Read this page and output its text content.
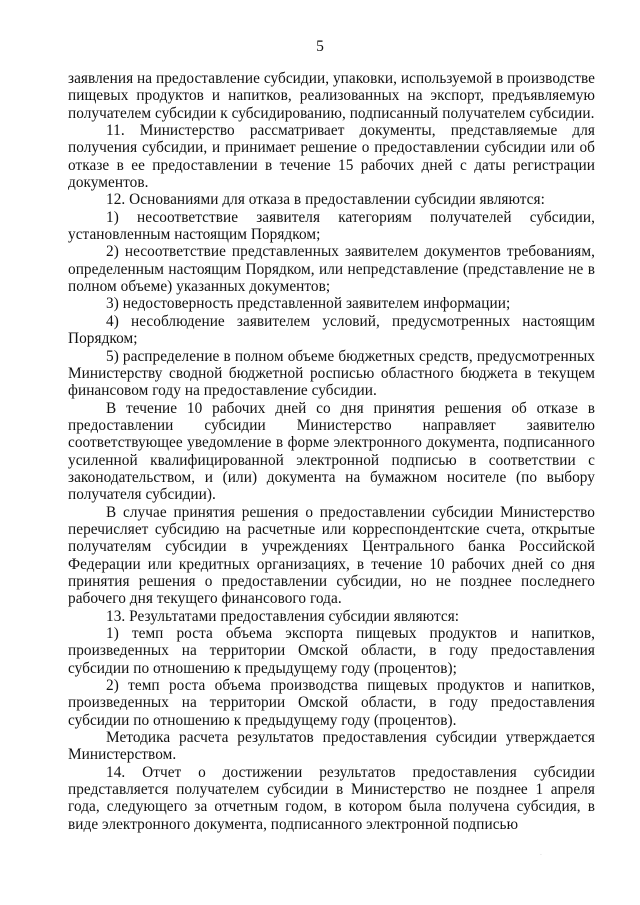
5

заявления на предоставление субсидии, упаковки, используемой в производстве пищевых продуктов и напитков, реализованных на экспорт, предъявляемую получателем субсидии к субсидированию, подписанный получателем субсидии.

11. Министерство рассматривает документы, представляемые для получения субсидии, и принимает решение о предоставлении субсидии или об отказе в ее предоставлении в течение 15 рабочих дней с даты регистрации документов.

12. Основаниями для отказа в предоставлении субсидии являются:

1) несоответствие заявителя категориям получателей субсидии, установленным настоящим Порядком;

2) несоответствие представленных заявителем документов требованиям, определенным настоящим Порядком, или непредставление (представление не в полном объеме) указанных документов;

3) недостоверность представленной заявителем информации;

4) несоблюдение заявителем условий, предусмотренных настоящим Порядком;

5) распределение в полном объеме бюджетных средств, предусмотренных Министерству сводной бюджетной росписью областного бюджета в текущем финансовом году на предоставление субсидии.

В течение 10 рабочих дней со дня принятия решения об отказе в предоставлении субсидии Министерство направляет заявителю соответствующее уведомление в форме электронного документа, подписанного усиленной квалифицированной электронной подписью в соответствии с законодательством, и (или) документа на бумажном носителе (по выбору получателя субсидии).

В случае принятия решения о предоставлении субсидии Министерство перечисляет субсидию на расчетные или корреспондентские счета, открытые получателям субсидии в учреждениях Центрального банка Российской Федерации или кредитных организациях, в течение 10 рабочих дней со дня принятия решения о предоставлении субсидии, но не позднее последнего рабочего дня текущего финансового года.

13. Результатами предоставления субсидии являются:

1) темп роста объема экспорта пищевых продуктов и напитков, произведенных на территории Омской области, в году предоставления субсидии по отношению к предыдущему году (процентов);

2) темп роста объема производства пищевых продуктов и напитков, произведенных на территории Омской области, в году предоставления субсидии по отношению к предыдущему году (процентов).

Методика расчета результатов предоставления субсидии утверждается Министерством.

14. Отчет о достижении результатов предоставления субсидии представляется получателем субсидии в Министерство не позднее 1 апреля года, следующего за отчетным годом, в котором была получена субсидия, в виде электронного документа, подписанного электронной подписью

·
